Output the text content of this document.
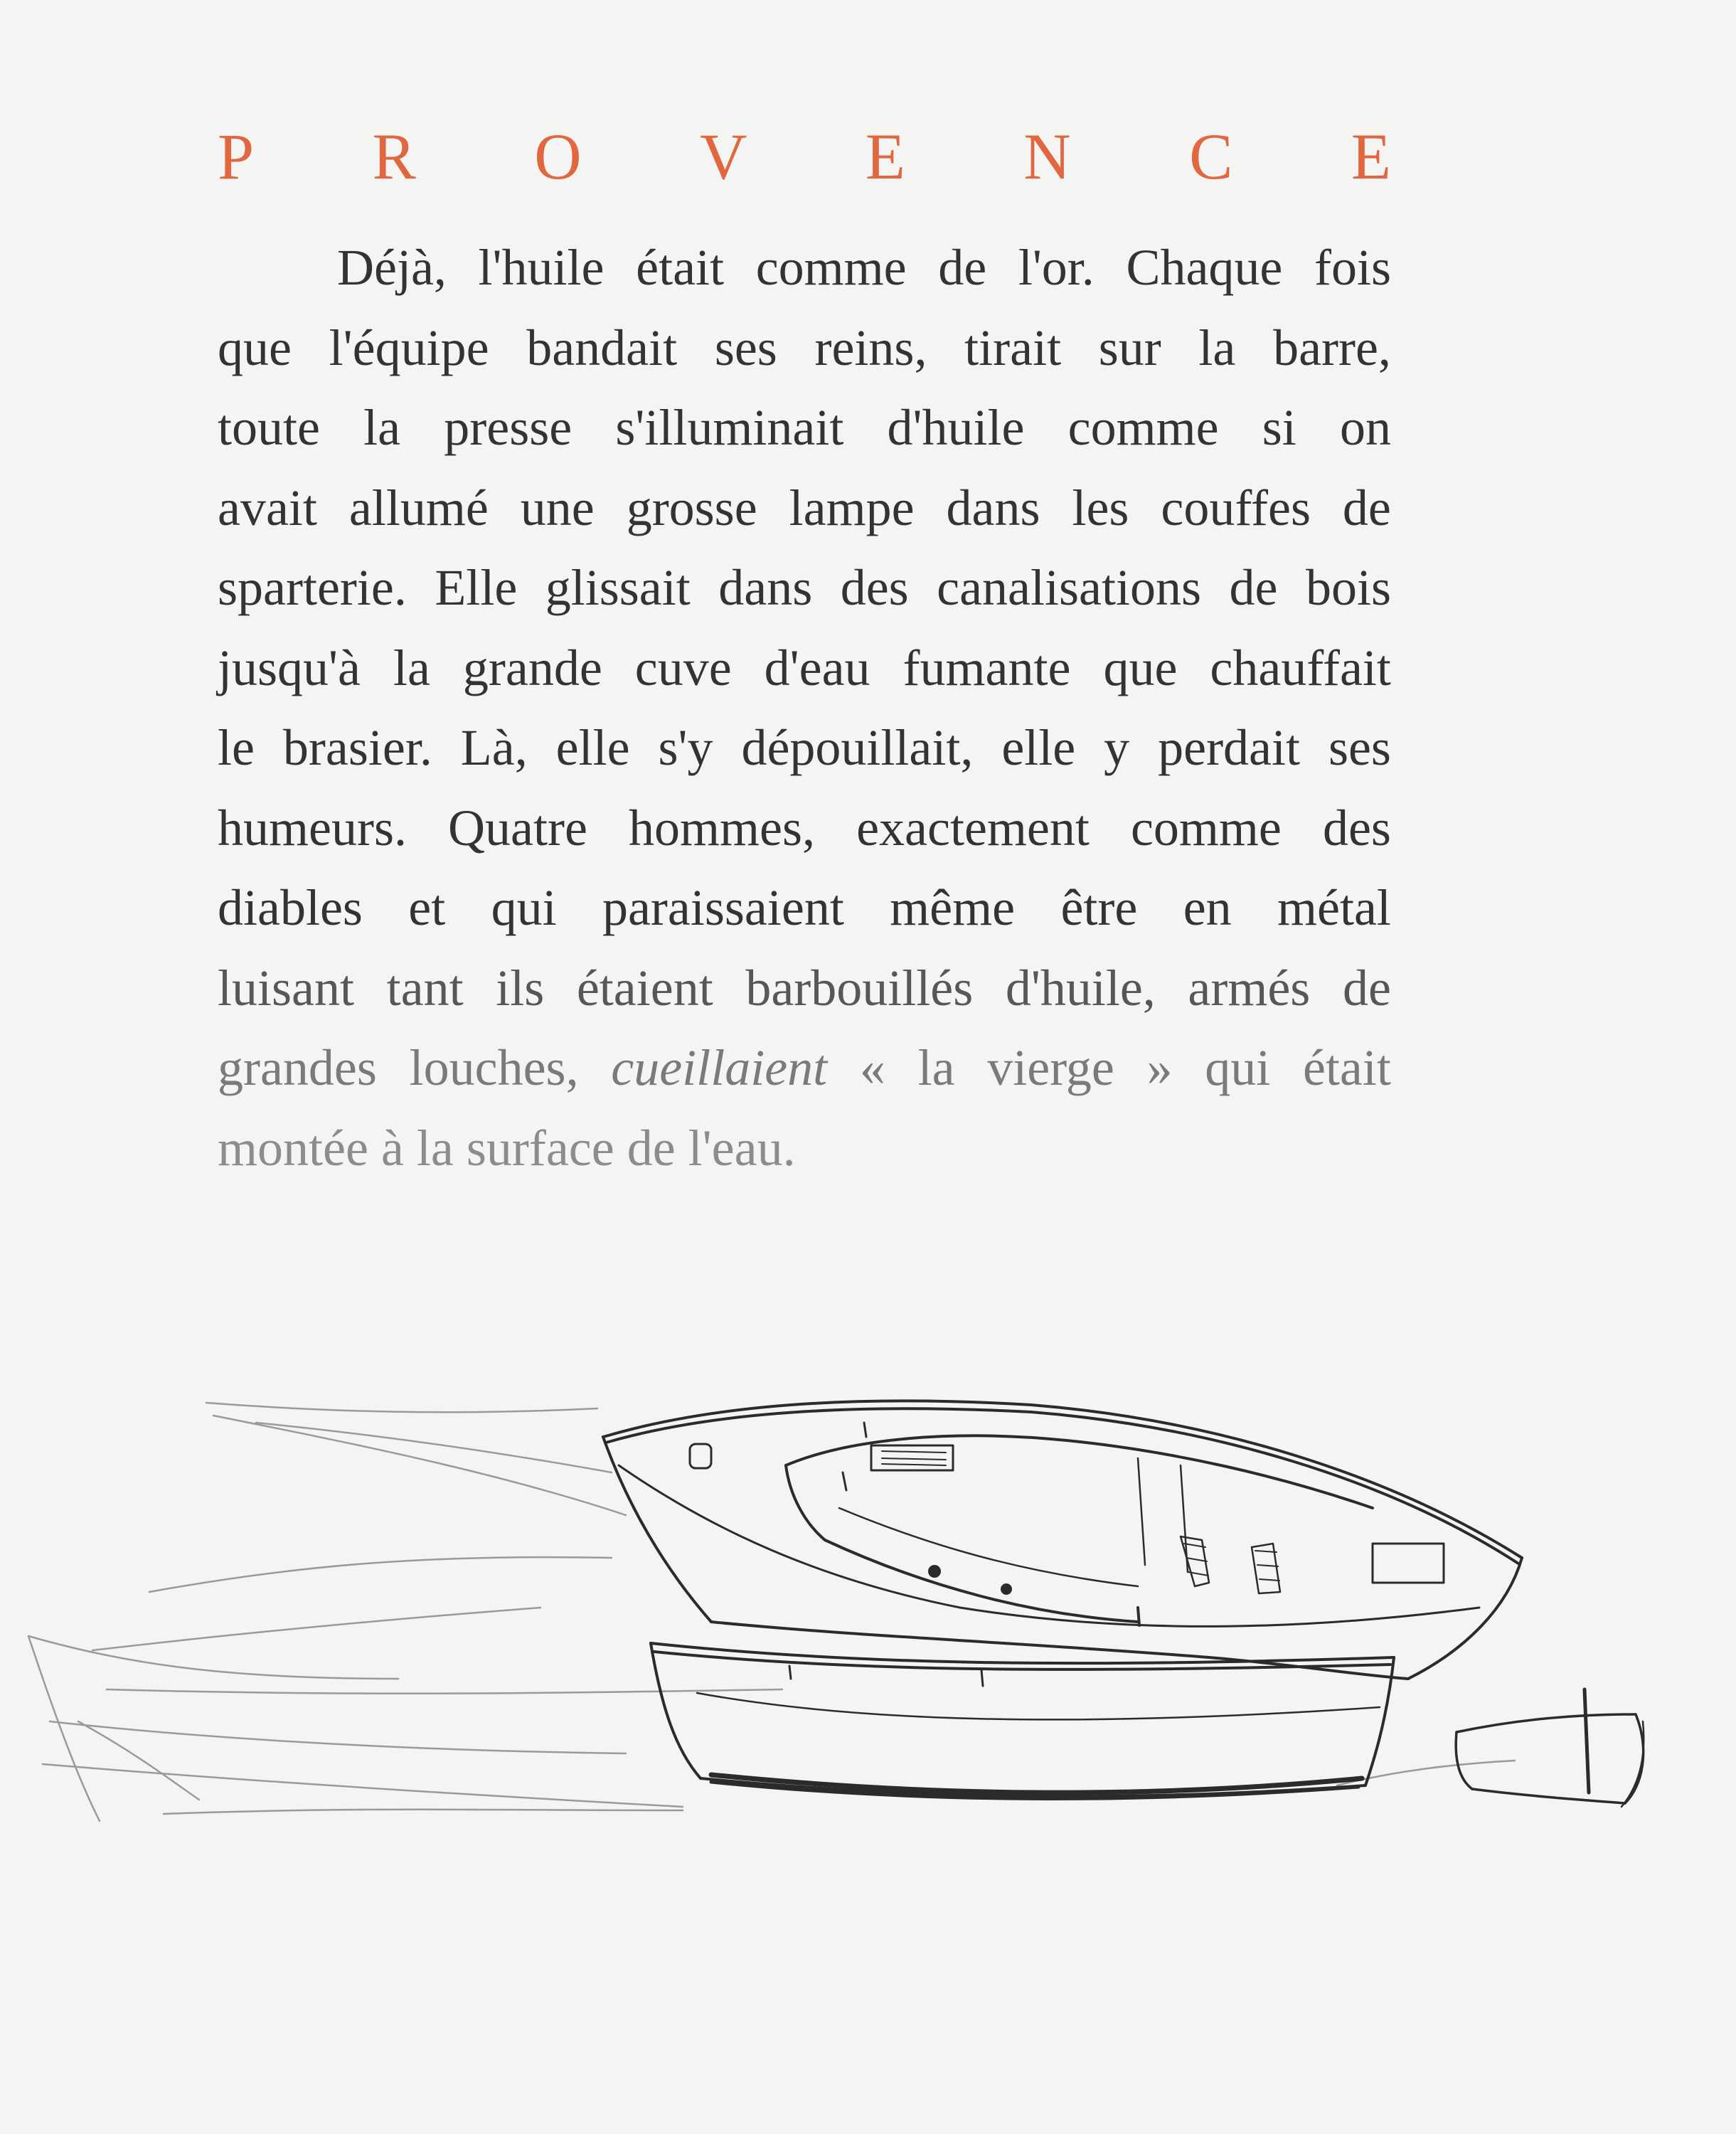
P R O V E N C E
Déjà, l'huile était comme de l'or. Chaque fois
que l'équipe bandait ses reins, tirait sur la barre,
toute la presse s'illuminait d'huile comme si on
avait allumé une grosse lampe dans les couffes de
sparterie. Elle glissait dans des canalisations de bois
jusqu'à la grande cuve d'eau fumante que chauffait
le brasier. Là, elle s'y dépouillait, elle y perdait ses
humeurs. Quatre hommes, exactement comme des
diables et qui paraissaient même être en métal
luisant tant ils étaient barbouillés d'huile, armés de
grandes louches, cueillaient « la vierge » qui était
montée à la surface de l'eau.
